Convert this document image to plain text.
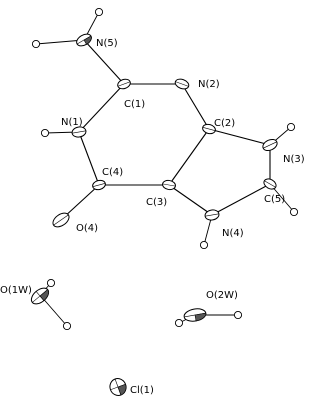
N(5)
N(2)
C(1)
N(1)	C(2)
N(3)
C(4)
C(3)	C(5)
O(4)	N(4)
O(1W)	O(2W)
Cl(1)
